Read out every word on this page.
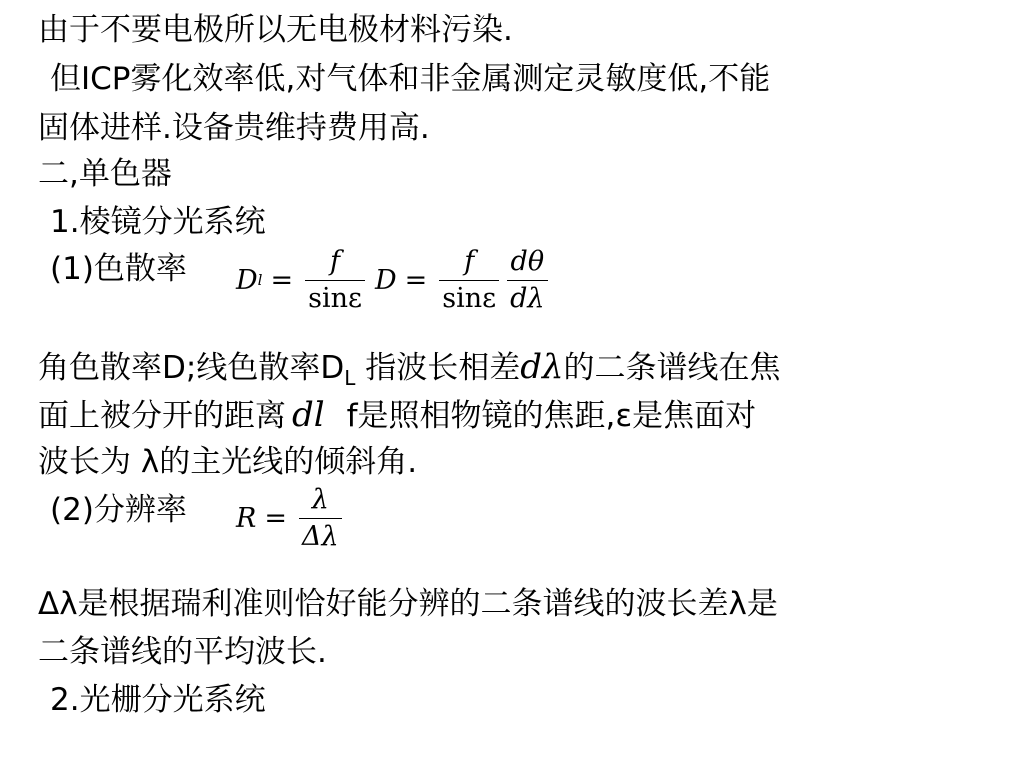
由于不要电极所以无电极材料污染.
但ICP雾化效率低,对气体和非金属测定灵敏度低,不能
固体进样.设备贵维持费用高.
二,单色器
1.棱镜分光系统
(1)色散率 D $l = \frac{f}{\sin\varepsilon}$ $D = \frac{f}{\sin\varepsilon} \frac{d\theta}{d\lambda}$
角色散率D;线色散率$D_L$ 指波长相差dλ的二条谱线在焦
面上被分开的距离 dl f是照相物镜的焦距,ε是焦面对
波长为 λ的主光线的倾斜角.
(2)分辨率 $R = \frac{\lambda}{\Delta\lambda}$
Δλ是根据瑞利准则恰好能分辨的二条谱线的波长差λ是
二条谱线的平均波长.
2.光栅分光系统
